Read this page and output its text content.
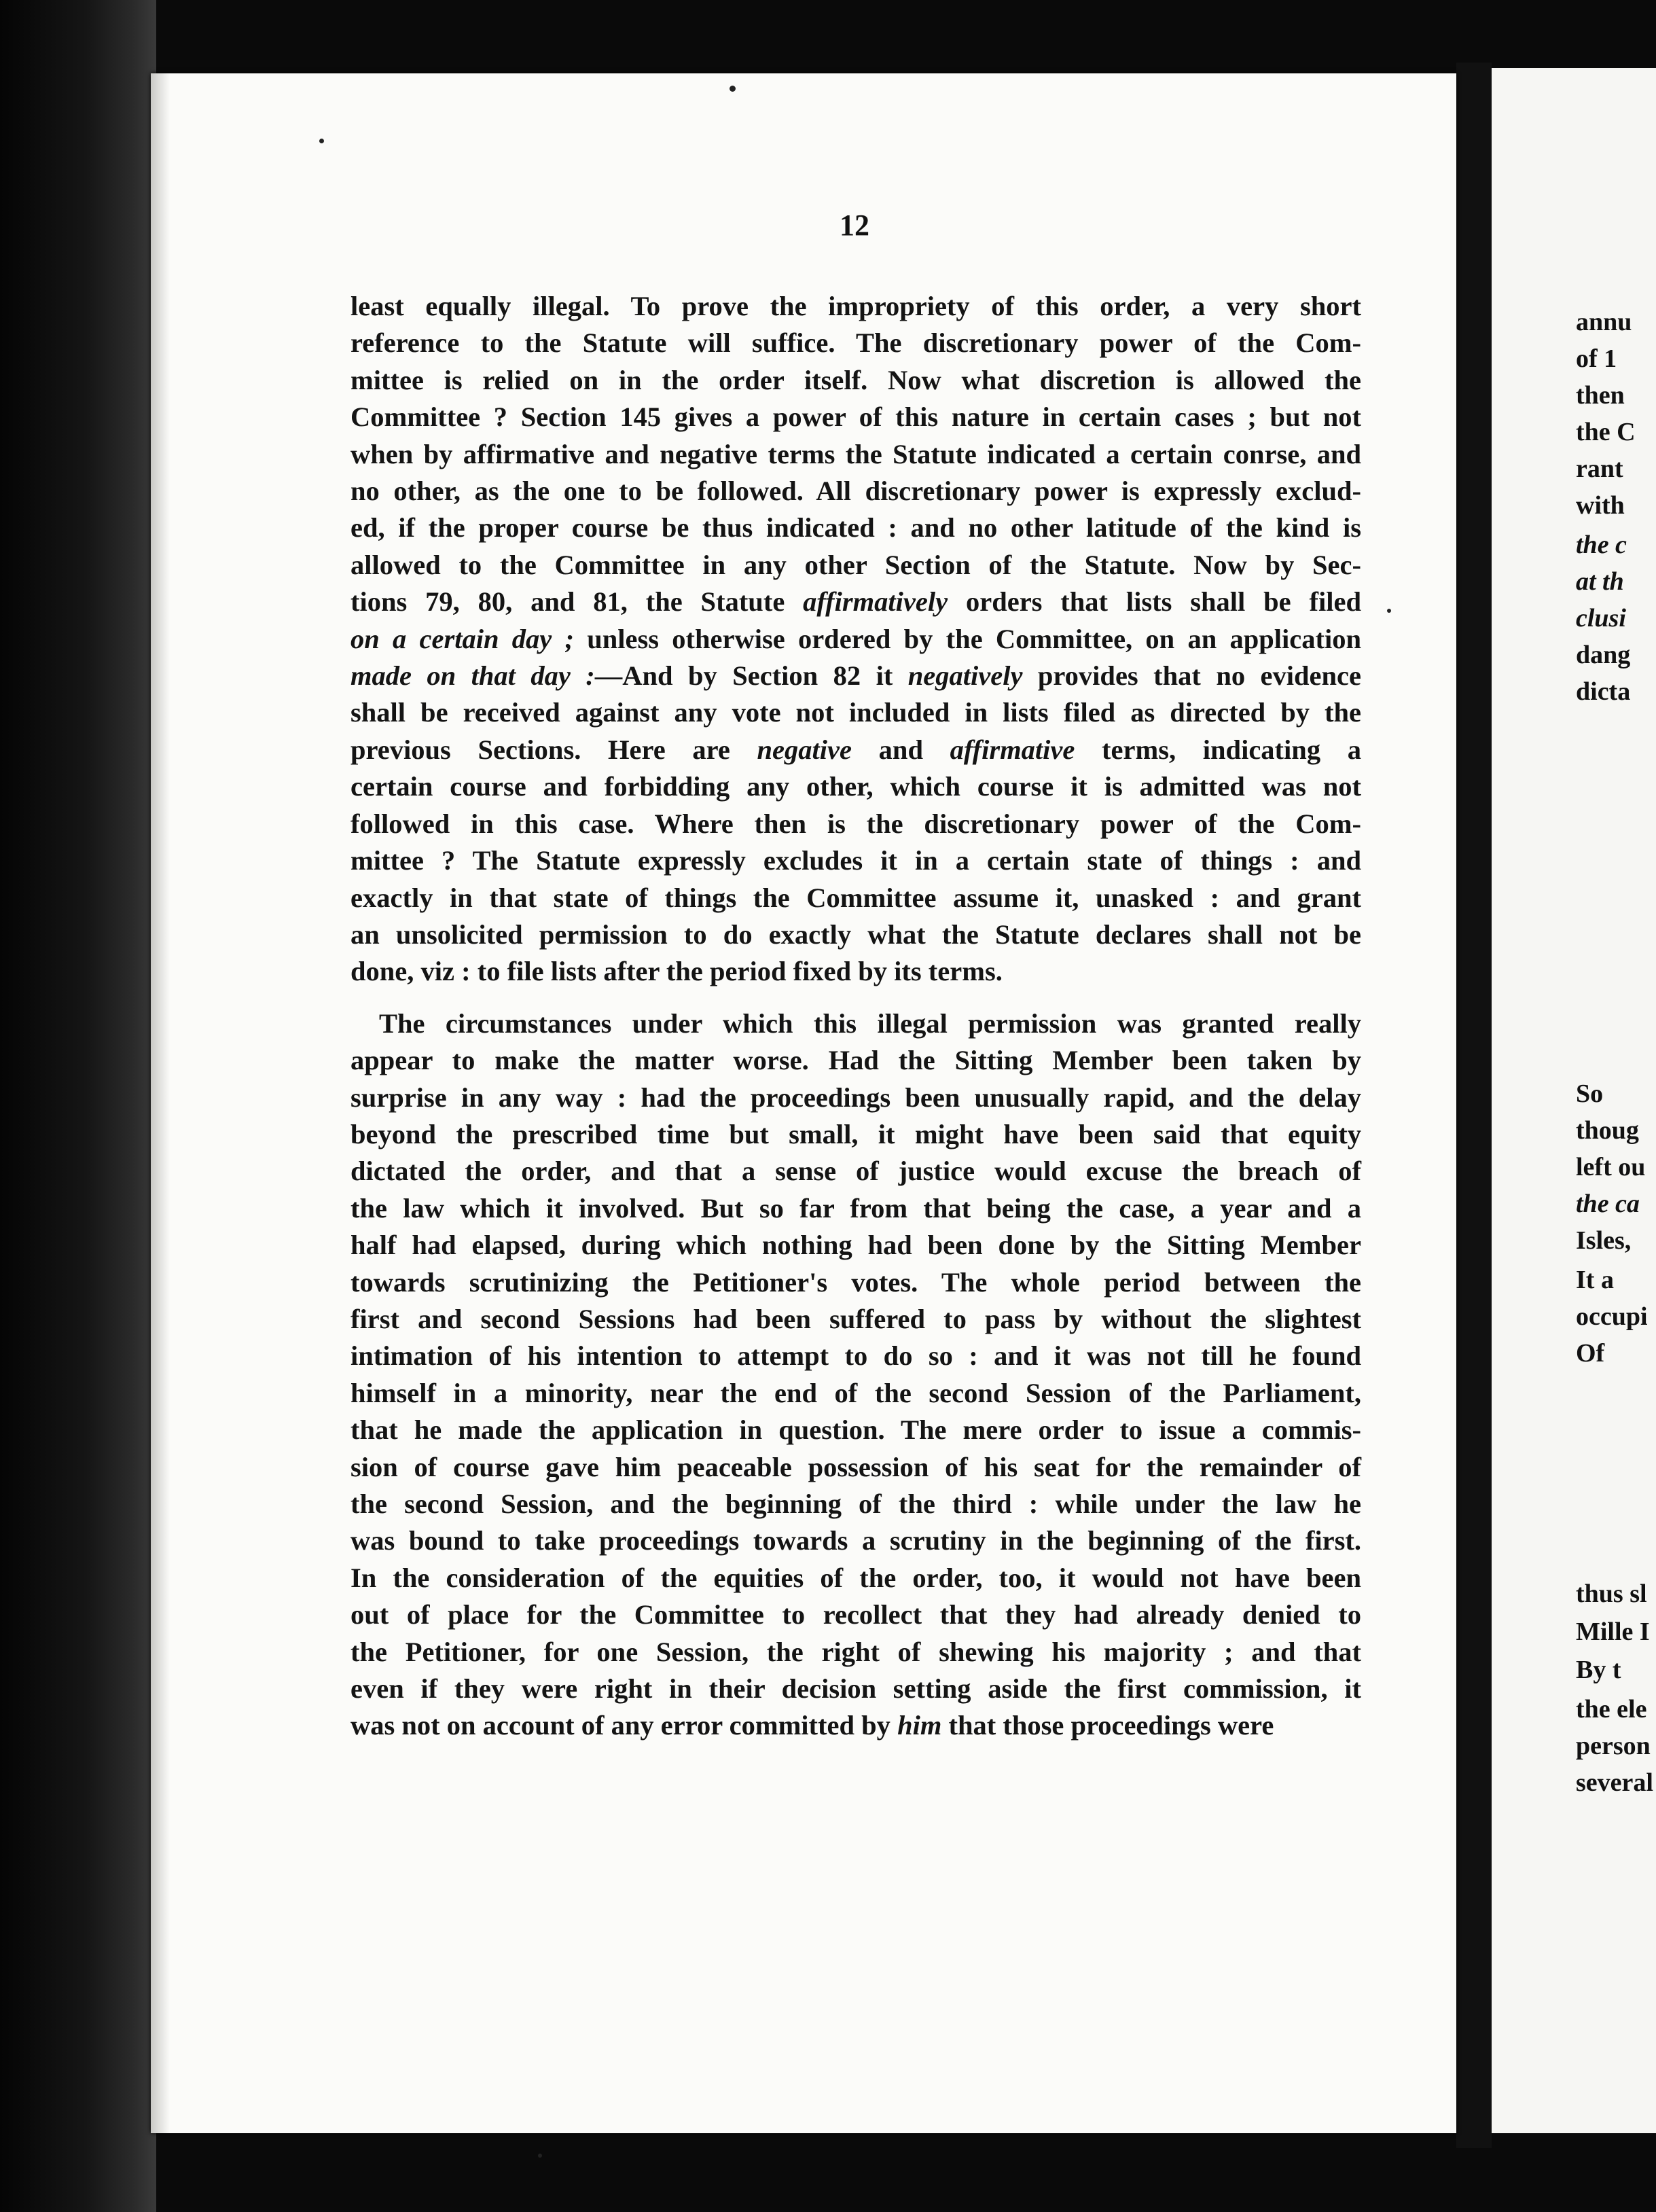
12

least equally illegal. To prove the impropriety of this order, a very short
reference to the Statute will suffice. The discretionary power of the Com-
mittee is relied on in the order itself. Now what discretion is allowed the
Committee ? Section 145 gives a power of this nature in certain cases ; but not
when by affirmative and negative terms the Statute indicated a certain conrse, and
no other, as the one to be followed. All discretionary power is expressly exclud-
ed, if the proper course be thus indicated : and no other latitude of the kind is
allowed to the Committee in any other Section of the Statute. Now by Sec-
tions 79, 80, and 81, the Statute affirmatively orders that lists shall be filed
on a certain day ; unless otherwise ordered by the Committee, on an application
made on that day :—And by Section 82 it negatively provides that no evidence
shall be received against any vote not included in lists filed as directed by the
previous Sections. Here are negative and affirmative terms, indicating a
certain course and forbidding any other, which course it is admitted was not
followed in this case. Where then is the discretionary power of the Com-
mittee ? The Statute expressly excludes it in a certain state of things : and
exactly in that state of things the Committee assume it, unasked : and grant
an unsolicited permission to do exactly what the Statute declares shall not be
done, viz : to file lists after the period fixed by its terms.

The circumstances under which this illegal permission was granted really
appear to make the matter worse. Had the Sitting Member been taken by
surprise in any way : had the proceedings been unusually rapid, and the delay
beyond the prescribed time but small, it might have been said that equity
dictated the order, and that a sense of justice would excuse the breach of
the law which it involved. But so far from that being the case, a year and a
half had elapsed, during which nothing had been done by the Sitting Member
towards scrutinizing the Petitioner's votes. The whole period between the
first and second Sessions had been suffered to pass by without the slightest
intimation of his intention to attempt to do so : and it was not till he found
himself in a minority, near the end of the second Session of the Parliament,
that he made the application in question. The mere order to issue a commis-
sion of course gave him peaceable possession of his seat for the remainder of
the second Session, and the beginning of the third : while under the law he
was bound to take proceedings towards a scrutiny in the beginning of the first.
In the consideration of the equities of the order, too, it would not have been
out of place for the Committee to recollect that they had already denied to
the Petitioner, for one Session, the right of shewing his majority ; and that
even if they were right in their decision setting aside the first commission, it
was not on account of any error committed by him that those proceedings were

annu
of 1
then
the C
rant
with
the c
at th
clusi
dang
dicta
So
thoug
left ou
the ca
Isles,
It a
occupi
Of
thus sl
Mille I
By t
the ele
person
several
